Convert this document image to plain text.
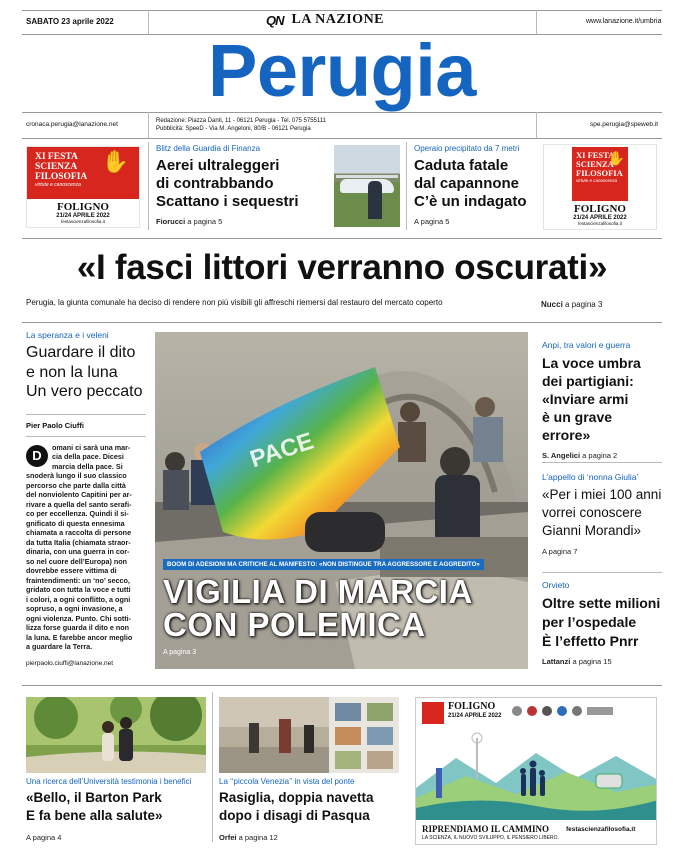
SABATO 23 aprile 2022	QN LA NAZIONE	www.lanazione.it/umbria
Perugia
cronaca.perugia@lanazione.net	Redazione: Piazza Danti, 11 - 06121 Perugia - Tel. 075 5755111
Pubblicità: SpeeD - Via M. Angeloni, 80/B - 06121 Perugia
spe.perugia@speweb.it
XI FESTA
SCIENZA
FILOSOFIA
virtute e canoscenza
✋
FOLIGNO
21/24 APRILE 2022
festascienzafilosofia.it
Blitz della Guardia di Finanza
Aerei ultraleggeri
di contrabbando
Scattano i sequestri
Fiorucci a pagina 5
Operaio precipitato da 7 metri
Caduta fatale
dal capannone
C’è un indagato
A pagina 5
XI FESTA
SCIENZA
FILOSOFIA
virtute e canoscenza
✋
FOLIGNO
21/24 APRILE 2022
festascienzafilosofia.it
«I fasci littori verranno oscurati»
Perugia, la giunta comunale ha deciso di rendere non più visibili gli affreschi riemersi dal restauro del mercato coperto	Nucci a pagina 3
La speranza e i veleni
Guardare il dito
e non la luna
Un vero peccato
Pier Paolo Ciuffi
D
omani ci sarà una mar-
cia della pace. Dicesi
marcia della pace. Si
snoderà lungo il suo classico
percorso che parte dalla città
del nonviolento Capitini per ar-
rivare a quella del santo serafi-
co per eccellenza. Quindi il si-
gnificato di questa ennesima
chiamata a raccolta di persone
da tutta Italia (chiamata straor-
dinaria, con una guerra in cor-
so nel cuore dell’Europa) non
dovrebbe essere vittima di
fraintendimenti: un ‘no’ secco,
gridato con tutta la voce e tutti
i colori, a ogni conflitto, a ogni
sopruso, a ogni invasione, a
ogni violenza. Punto. Chi sotti-
lizza forse guarda il dito e non
la luna. E farebbe ancor meglio
a guardare la Terra.
pierpaolo.ciuffi@lanazione.net
PACE
BOOM DI ADESIONI MA CRITICHE AL MANIFESTO: «NON DISTINGUE TRA AGGRESSORE E AGGREDITO»
VIGILIA DI MARCIA
CON POLEMICA
A pagina 3
Anpi, tra valori e guerra
La voce umbra
dei partigiani:
«Inviare armi
è un grave errore»
S. Angelici a pagina 2
L’appello di ‘nonna Giulia’
«Per i miei 100 anni
vorrei conoscere
Gianni Morandi»
A pagina 7
Orvieto
Oltre sette milioni
per l’ospedale
È l’effetto Pnrr
Lattanzi a pagina 15
Una ricerca dell’Università testimonia i benefici
«Bello, il Barton Park
E fa bene alla salute»
A pagina 4
La ‘‘piccola Venezia’’ in vista del ponte
Rasiglia, doppia navetta
dopo i disagi di Pasqua
Orfei a pagina 12
FOLIGNO
21/24 APRILE 2022
RIPRENDIAMO IL CAMMINO
LA SCIENZA, IL NUOVO SVILUPPO, IL PENSIERO LIBERO.
festascienzafilosofia.it
